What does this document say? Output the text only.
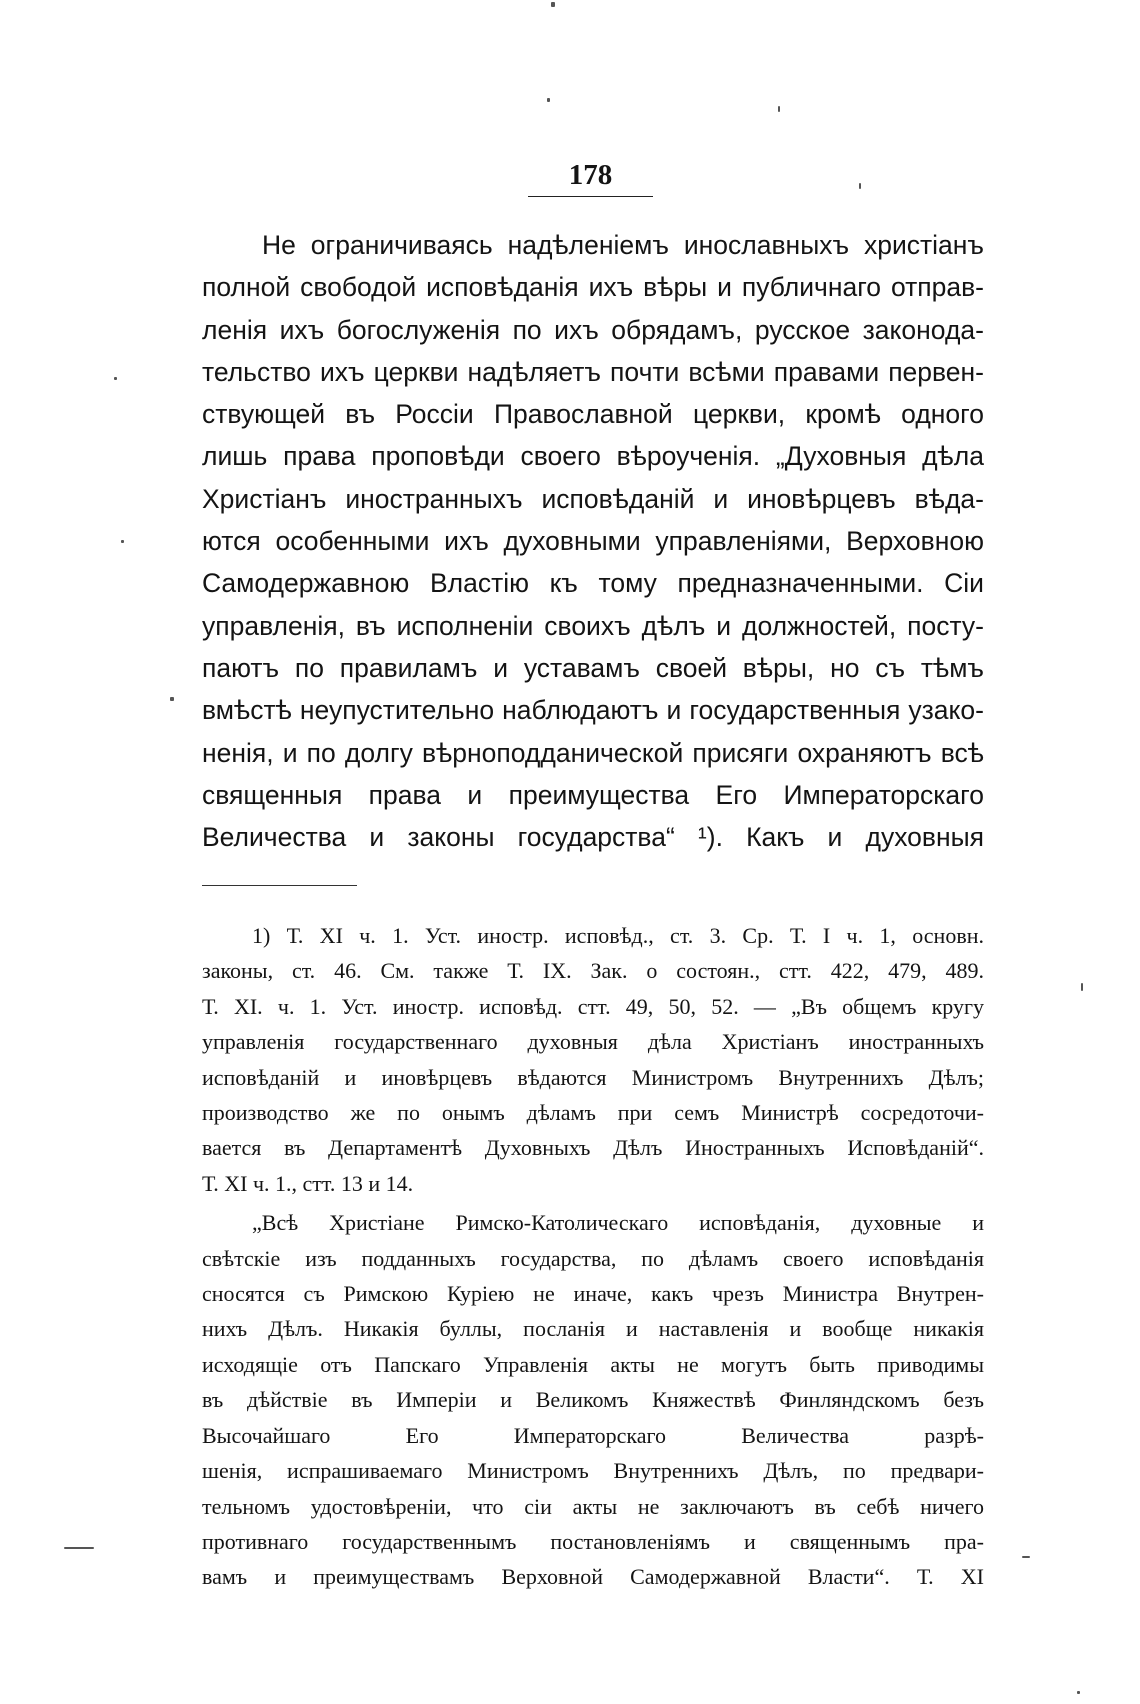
178
Не ограничиваясь надѣленіемъ инославныхъ христіанъ
полной свободой исповѣданія ихъ вѣры и публичнаго отправ-
ленія ихъ богослуженія по ихъ обрядамъ, русское законода-
тельство ихъ церкви надѣляетъ почти всѣми правами первен-
ствующей въ Россіи Православной церкви, кромѣ одного
лишь права проповѣди своего вѣроученія. „Духовныя дѣла
Христіанъ иностранныхъ исповѣданій и иновѣрцевъ вѣда-
ются особенными ихъ духовными управленіями, Верховною
Самодержавною Властію къ тому предназначенными. Сіи
управленія, въ исполненіи своихъ дѣлъ и должностей, посту-
паютъ по правиламъ и уставамъ своей вѣры, но съ тѣмъ
вмѣстѣ неупустительно наблюдаютъ и государственныя узако-
ненія, и по долгу вѣрноподданической присяги охраняютъ всѣ
священныя права и преимущества Его Императорскаго
Величества и законы государства“ ¹). Какъ и духовныя
1) Т. XI ч. 1. Уст. иностр. исповѣд., ст. 3. Ср. Т. I ч. 1, основн.
законы, ст. 46. См. также Т. IX. Зак. о состоян., стт. 422, 479, 489.
Т. XI. ч. 1. Уст. иностр. исповѣд. стт. 49, 50, 52. — „Въ общемъ кругу
управленія государственнаго духовныя дѣла Христіанъ иностранныхъ
исповѣданій и иновѣрцевъ вѣдаются Министромъ Внутреннихъ Дѣлъ;
производство же по онымъ дѣламъ при семъ Министрѣ сосредоточи-
вается въ Департаментѣ Духовныхъ Дѣлъ Иностранныхъ Исповѣданій“.
Т. XI ч. 1., стт. 13 и 14.
„Всѣ Христіане Римско-Католическаго исповѣданія, духовные и
свѣтскіе изъ подданныхъ государства, по дѣламъ своего исповѣданія
сносятся съ Римскою Куріею не иначе, какъ чрезъ Министра Внутрен-
нихъ Дѣлъ. Никакія буллы, посланія и наставленія и вообще никакія
исходящіе отъ Папскаго Управленія акты не могутъ быть приводимы
въ дѣйствіе въ Имперіи и Великомъ Княжествѣ Финляндскомъ безъ
Высочайшаго Его Императорскаго Величества разрѣ-
шенія, испрашиваемаго Министромъ Внутреннихъ Дѣлъ, по предвари-
тельномъ удостовѣреніи, что сіи акты не заключаютъ въ себѣ ничего
противнаго государственнымъ постановленіямъ и священнымъ пра-
вамъ и преимуществамъ Верховной Самодержавной Власти“. Т. XI
